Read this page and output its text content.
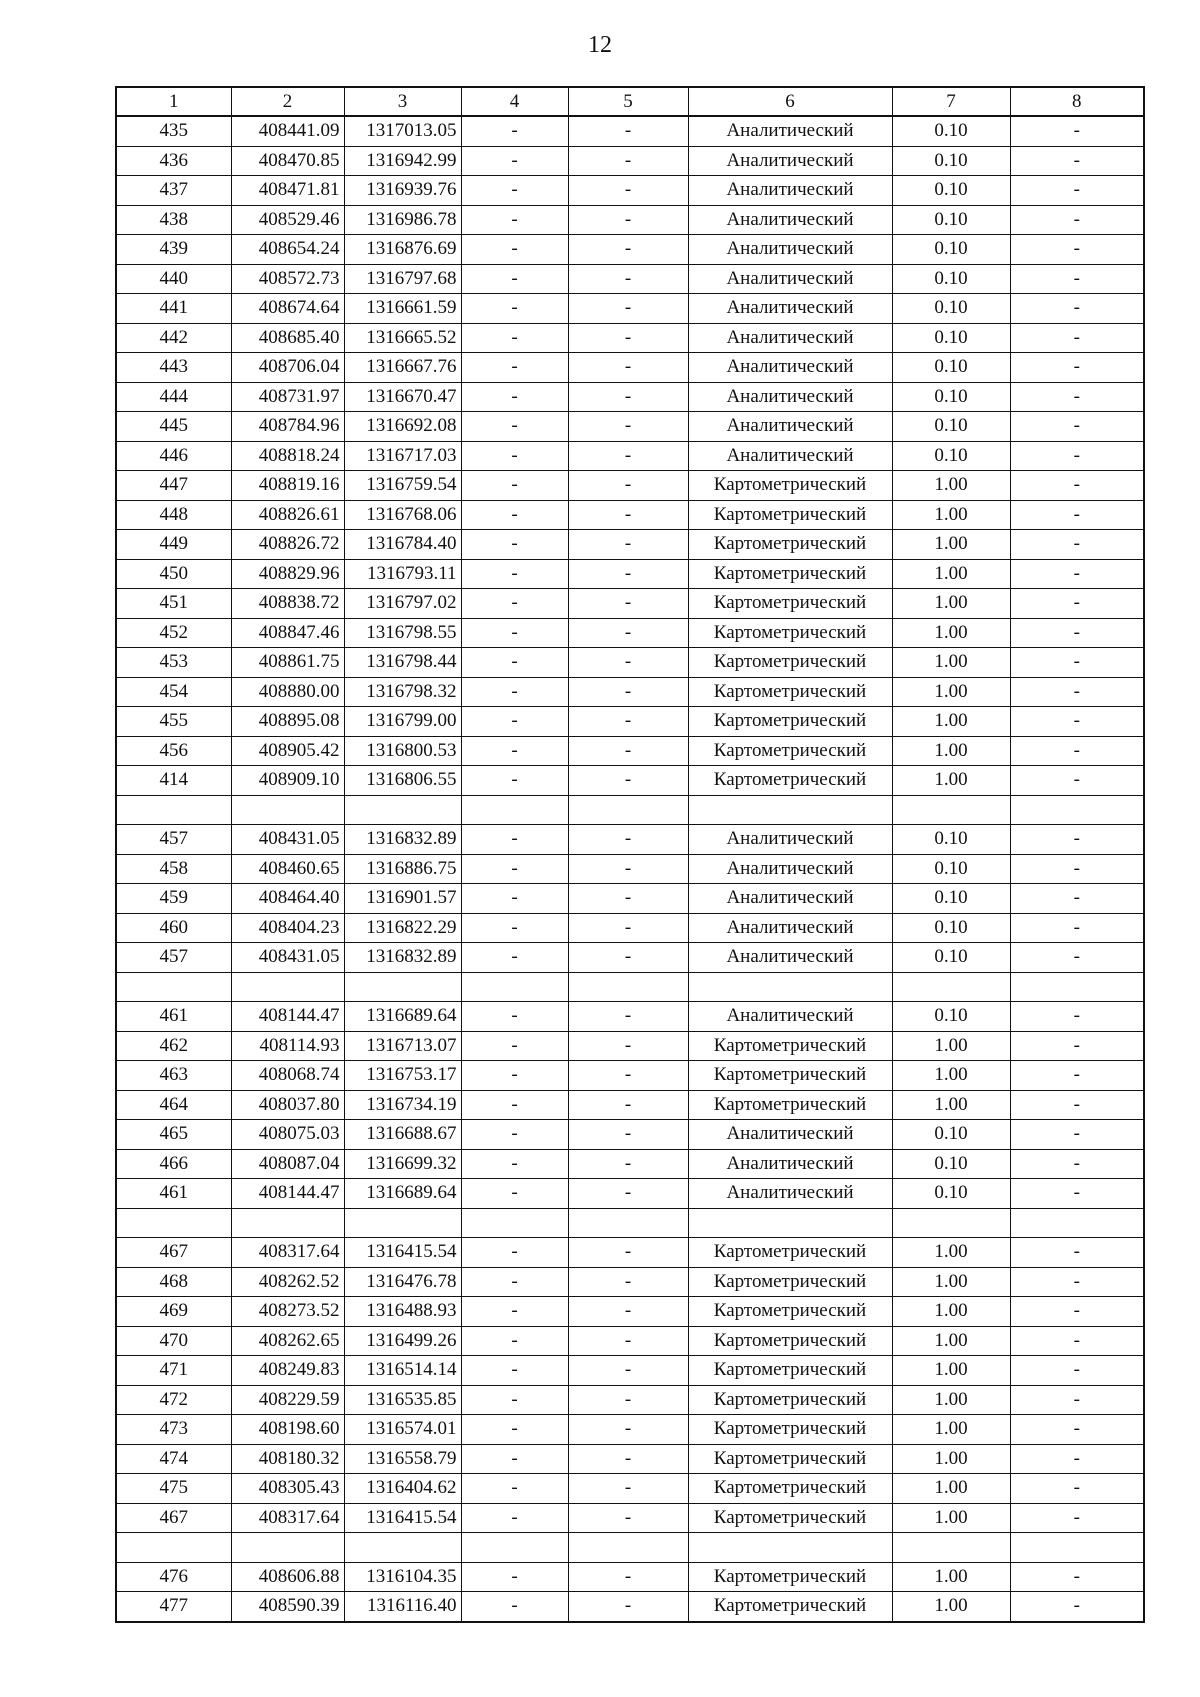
12
1	2	3	4	5	6	7	8
435	408441.09	1317013.05	-	-	Аналитический	0.10	-
436	408470.85	1316942.99	-	-	Аналитический	0.10	-
437	408471.81	1316939.76	-	-	Аналитический	0.10	-
438	408529.46	1316986.78	-	-	Аналитический	0.10	-
439	408654.24	1316876.69	-	-	Аналитический	0.10	-
440	408572.73	1316797.68	-	-	Аналитический	0.10	-
441	408674.64	1316661.59	-	-	Аналитический	0.10	-
442	408685.40	1316665.52	-	-	Аналитический	0.10	-
443	408706.04	1316667.76	-	-	Аналитический	0.10	-
444	408731.97	1316670.47	-	-	Аналитический	0.10	-
445	408784.96	1316692.08	-	-	Аналитический	0.10	-
446	408818.24	1316717.03	-	-	Аналитический	0.10	-
447	408819.16	1316759.54	-	-	Картометрический	1.00	-
448	408826.61	1316768.06	-	-	Картометрический	1.00	-
449	408826.72	1316784.40	-	-	Картометрический	1.00	-
450	408829.96	1316793.11	-	-	Картометрический	1.00	-
451	408838.72	1316797.02	-	-	Картометрический	1.00	-
452	408847.46	1316798.55	-	-	Картометрический	1.00	-
453	408861.75	1316798.44	-	-	Картометрический	1.00	-
454	408880.00	1316798.32	-	-	Картометрический	1.00	-
455	408895.08	1316799.00	-	-	Картометрический	1.00	-
456	408905.42	1316800.53	-	-	Картометрический	1.00	-
414	408909.10	1316806.55	-	-	Картометрический	1.00	-

457	408431.05	1316832.89	-	-	Аналитический	0.10	-
458	408460.65	1316886.75	-	-	Аналитический	0.10	-
459	408464.40	1316901.57	-	-	Аналитический	0.10	-
460	408404.23	1316822.29	-	-	Аналитический	0.10	-
457	408431.05	1316832.89	-	-	Аналитический	0.10	-

461	408144.47	1316689.64	-	-	Аналитический	0.10	-
462	408114.93	1316713.07	-	-	Картометрический	1.00	-
463	408068.74	1316753.17	-	-	Картометрический	1.00	-
464	408037.80	1316734.19	-	-	Картометрический	1.00	-
465	408075.03	1316688.67	-	-	Аналитический	0.10	-
466	408087.04	1316699.32	-	-	Аналитический	0.10	-
461	408144.47	1316689.64	-	-	Аналитический	0.10	-

467	408317.64	1316415.54	-	-	Картометрический	1.00	-
468	408262.52	1316476.78	-	-	Картометрический	1.00	-
469	408273.52	1316488.93	-	-	Картометрический	1.00	-
470	408262.65	1316499.26	-	-	Картометрический	1.00	-
471	408249.83	1316514.14	-	-	Картометрический	1.00	-
472	408229.59	1316535.85	-	-	Картометрический	1.00	-
473	408198.60	1316574.01	-	-	Картометрический	1.00	-
474	408180.32	1316558.79	-	-	Картометрический	1.00	-
475	408305.43	1316404.62	-	-	Картометрический	1.00	-
467	408317.64	1316415.54	-	-	Картометрический	1.00	-

476	408606.88	1316104.35	-	-	Картометрический	1.00	-
477	408590.39	1316116.40	-	-	Картометрический	1.00	-
